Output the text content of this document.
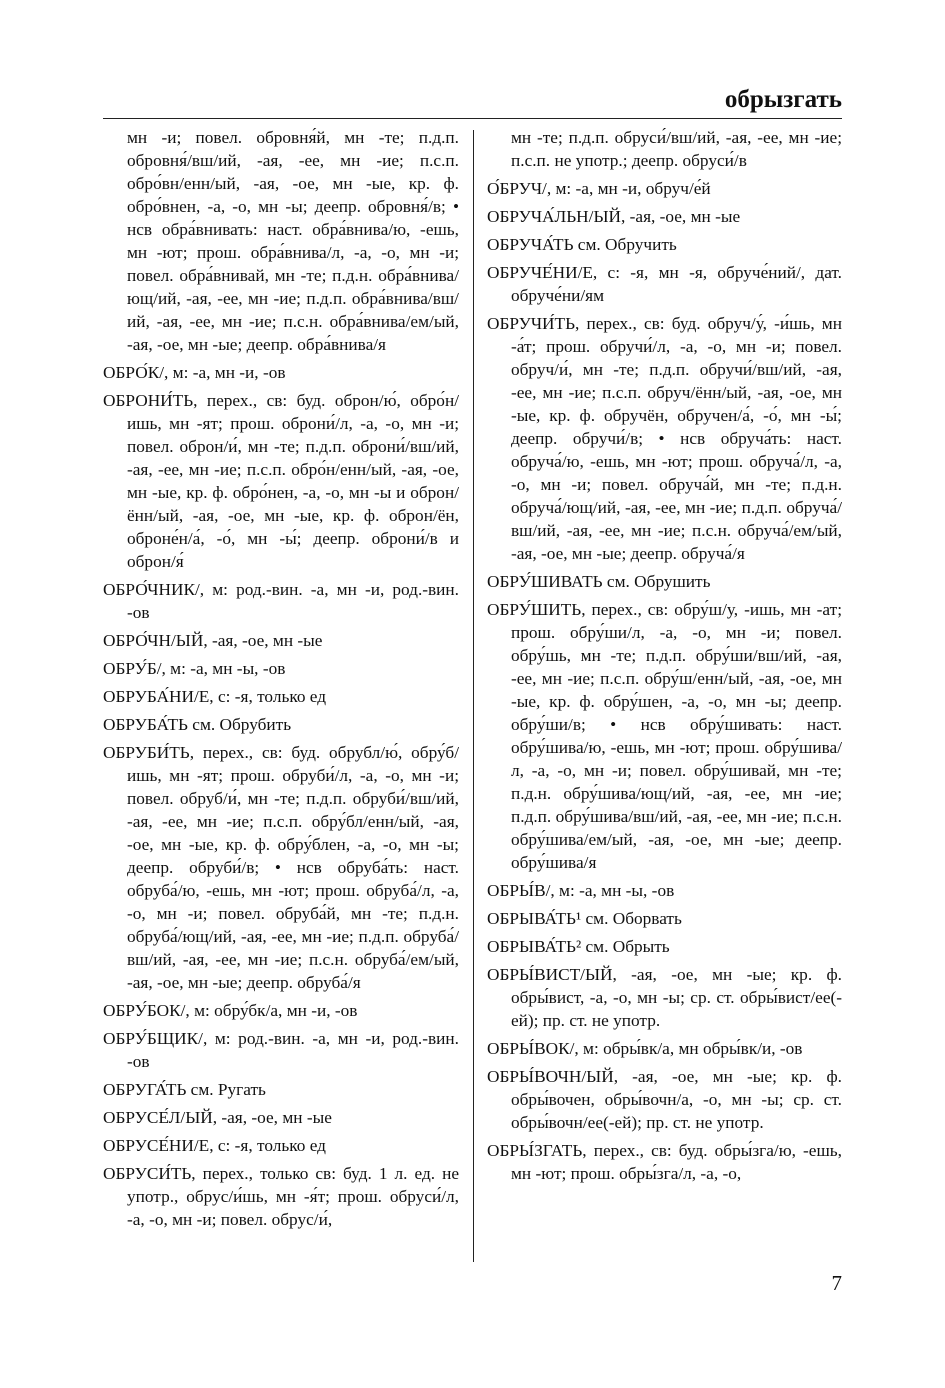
обрызгать

мн -и; повел. обровня́й, мн -те; п.д.п. обровня́/вш/ий, -ая, -ее, мн -ие; п.с.п. обро́вн/енн/ый, -ая, -ое, мн -ые, кр. ф. обро́внен, -а, -о, мн -ы; деепр. обровня́/в; • нсв обра́внивать: наст. обра́внива/ю, -ешь, мн -ют; прош. обра́внива/л, -а, -о, мн -и; повел. обра́внивай, мн -те; п.д.н. обра́внива/ющ/ий, -ая, -ее, мн -ие; п.д.п. обра́внива/вш/ий, -ая, -ее, мн -ие; п.с.н. обра́внива/ем/ый, -ая, -ое, мн -ые; деепр. обра́внива/я

ОБРО́К/, м: -а, мн -и, -ов

ОБРОНИ́ТЬ, перех., св: буд. оброн/ю́, обро́н/ишь, мн -ят; прош. оброни́/л, -а, -о, мн -и; повел. оброн/и́, мн -те; п.д.п. оброни́/вш/ий, -ая, -ее, мн -ие; п.с.п. обро́н/енн/ый, -ая, -ое, мн -ые, кр. ф. обро́нен, -а, -о, мн -ы и оброн/ённ/ый, -ая, -ое, мн -ые, кр. ф. оброн/ён, оброне́н/а́, -о́, мн -ы́; деепр. оброни́/в и оброн/я́

ОБРО́ЧНИК/, м: род.-вин. -а, мн -и, род.-вин. -ов

ОБРО́ЧН/ЫЙ, -ая, -ое, мн -ые

ОБРУ́Б/, м: -а, мн -ы, -ов

ОБРУБА́НИ/Е, с: -я, только ед

ОБРУБА́ТЬ см. Обрубить

ОБРУБИ́ТЬ, перех., св: буд. обрубл/ю́, обру́б/ишь, мн -ят; прош. обруби́/л, -а, -о, мн -и; повел. обруб/и́, мн -те; п.д.п. обруби́/вш/ий, -ая, -ее, мн -ие; п.с.п. обру́бл/енн/ый, -ая, -ое, мн -ые, кр. ф. обру́блен, -а, -о, мн -ы; деепр. обруби́/в; • нсв обруба́ть: наст. обруба́/ю, -ешь, мн -ют; прош. обруба́/л, -а, -о, мн -и; повел. обруба́й, мн -те; п.д.н. обруба́/ющ/ий, -ая, -ее, мн -ие; п.д.п. обруба́/вш/ий, -ая, -ее, мн -ие; п.с.н. обруба́/ем/ый, -ая, -ое, мн -ые; деепр. обруба́/я

ОБРУ́БОК/, м: обру́бк/а, мн -и, -ов

ОБРУ́БЩИК/, м: род.-вин. -а, мн -и, род.-вин. -ов

ОБРУГА́ТЬ см. Ругать

ОБРУСЕ́Л/ЫЙ, -ая, -ое, мн -ые

ОБРУСЕ́НИ/Е, с: -я, только ед

ОБРУСИ́ТЬ, перех., только св: буд. 1 л. ед. не употр., обрус/и́шь, мн -я́т; прош. обруси́/л, -а, -о, мн -и; повел. обрус/и́,

мн -те; п.д.п. обруси́/вш/ий, -ая, -ее, мн -ие; п.с.п. не употр.; деепр. обруси́/в

О́БРУЧ/, м: -а, мн -и, обруч/е́й

ОБРУЧА́ЛЬН/ЫЙ, -ая, -ое, мн -ые

ОБРУЧА́ТЬ см. Обручить

ОБРУЧЕ́НИ/Е, с: -я, мн -я, обруче́ний/, дат. обруче́ни/ям

ОБРУЧИ́ТЬ, перех., св: буд. обруч/у́, -и́шь, мн -а́т; прош. обручи́/л, -а, -о, мн -и; повел. обруч/и́, мн -те; п.д.п. обручи́/вш/ий, -ая, -ее, мн -ие; п.с.п. обруч/ённ/ый, -ая, -ое, мн -ые, кр. ф. обручён, обручен/а́, -о́, мн -ы́; деепр. обручи́/в; • нсв обруча́ть: наст. обруча́/ю, -ешь, мн -ют; прош. обруча́/л, -а, -о, мн -и; повел. обруча́й, мн -те; п.д.н. обруча́/ющ/ий, -ая, -ее, мн -ие; п.д.п. обруча́/вш/ий, -ая, -ее, мн -ие; п.с.н. обруча́/ем/ый, -ая, -ое, мн -ые; деепр. обруча́/я

ОБРУ́ШИВАТЬ см. Обрушить

ОБРУ́ШИТЬ, перех., св: обру́ш/у, -ишь, мн -ат; прош. обру́ши/л, -а, -о, мн -и; повел. обру́шь, мн -те; п.д.п. обру́ши/вш/ий, -ая, -ее, мн -ие; п.с.п. обру́ш/енн/ый, -ая, -ое, мн -ые, кр. ф. обру́шен, -а, -о, мн -ы; деепр. обру́ши/в; • нсв обру́шивать: наст. обру́шива/ю, -ешь, мн -ют; прош. обру́шива/л, -а, -о, мн -и; повел. обру́шивай, мн -те; п.д.н. обру́шива/ющ/ий, -ая, -ее, мн -ие; п.д.п. обру́шива/вш/ий, -ая, -ее, мн -ие; п.с.н. обру́шива/ем/ый, -ая, -ое, мн -ые; деепр. обру́шива/я

ОБРЫ́В/, м: -а, мн -ы, -ов

ОБРЫВА́ТЬ¹ см. Оборвать

ОБРЫВА́ТЬ² см. Обрыть

ОБРЫ́ВИСТ/ЫЙ, -ая, -ое, мн -ые; кр. ф. обры́вист, -а, -о, мн -ы; ср. ст. обры́вист/ее(-ей); пр. ст. не употр.

ОБРЫ́ВОК/, м: обры́вк/а, мн обры́вк/и, -ов

ОБРЫ́ВОЧН/ЫЙ, -ая, -ое, мн -ые; кр. ф. обры́вочен, обры́вочн/а, -о, мн -ы; ср. ст. обры́вочн/ее(-ей); пр. ст. не употр.

ОБРЫ́ЗГАТЬ, перех., св: буд. обры́зга/ю, -ешь, мн -ют; прош. обры́зга/л, -а, -о,

7
